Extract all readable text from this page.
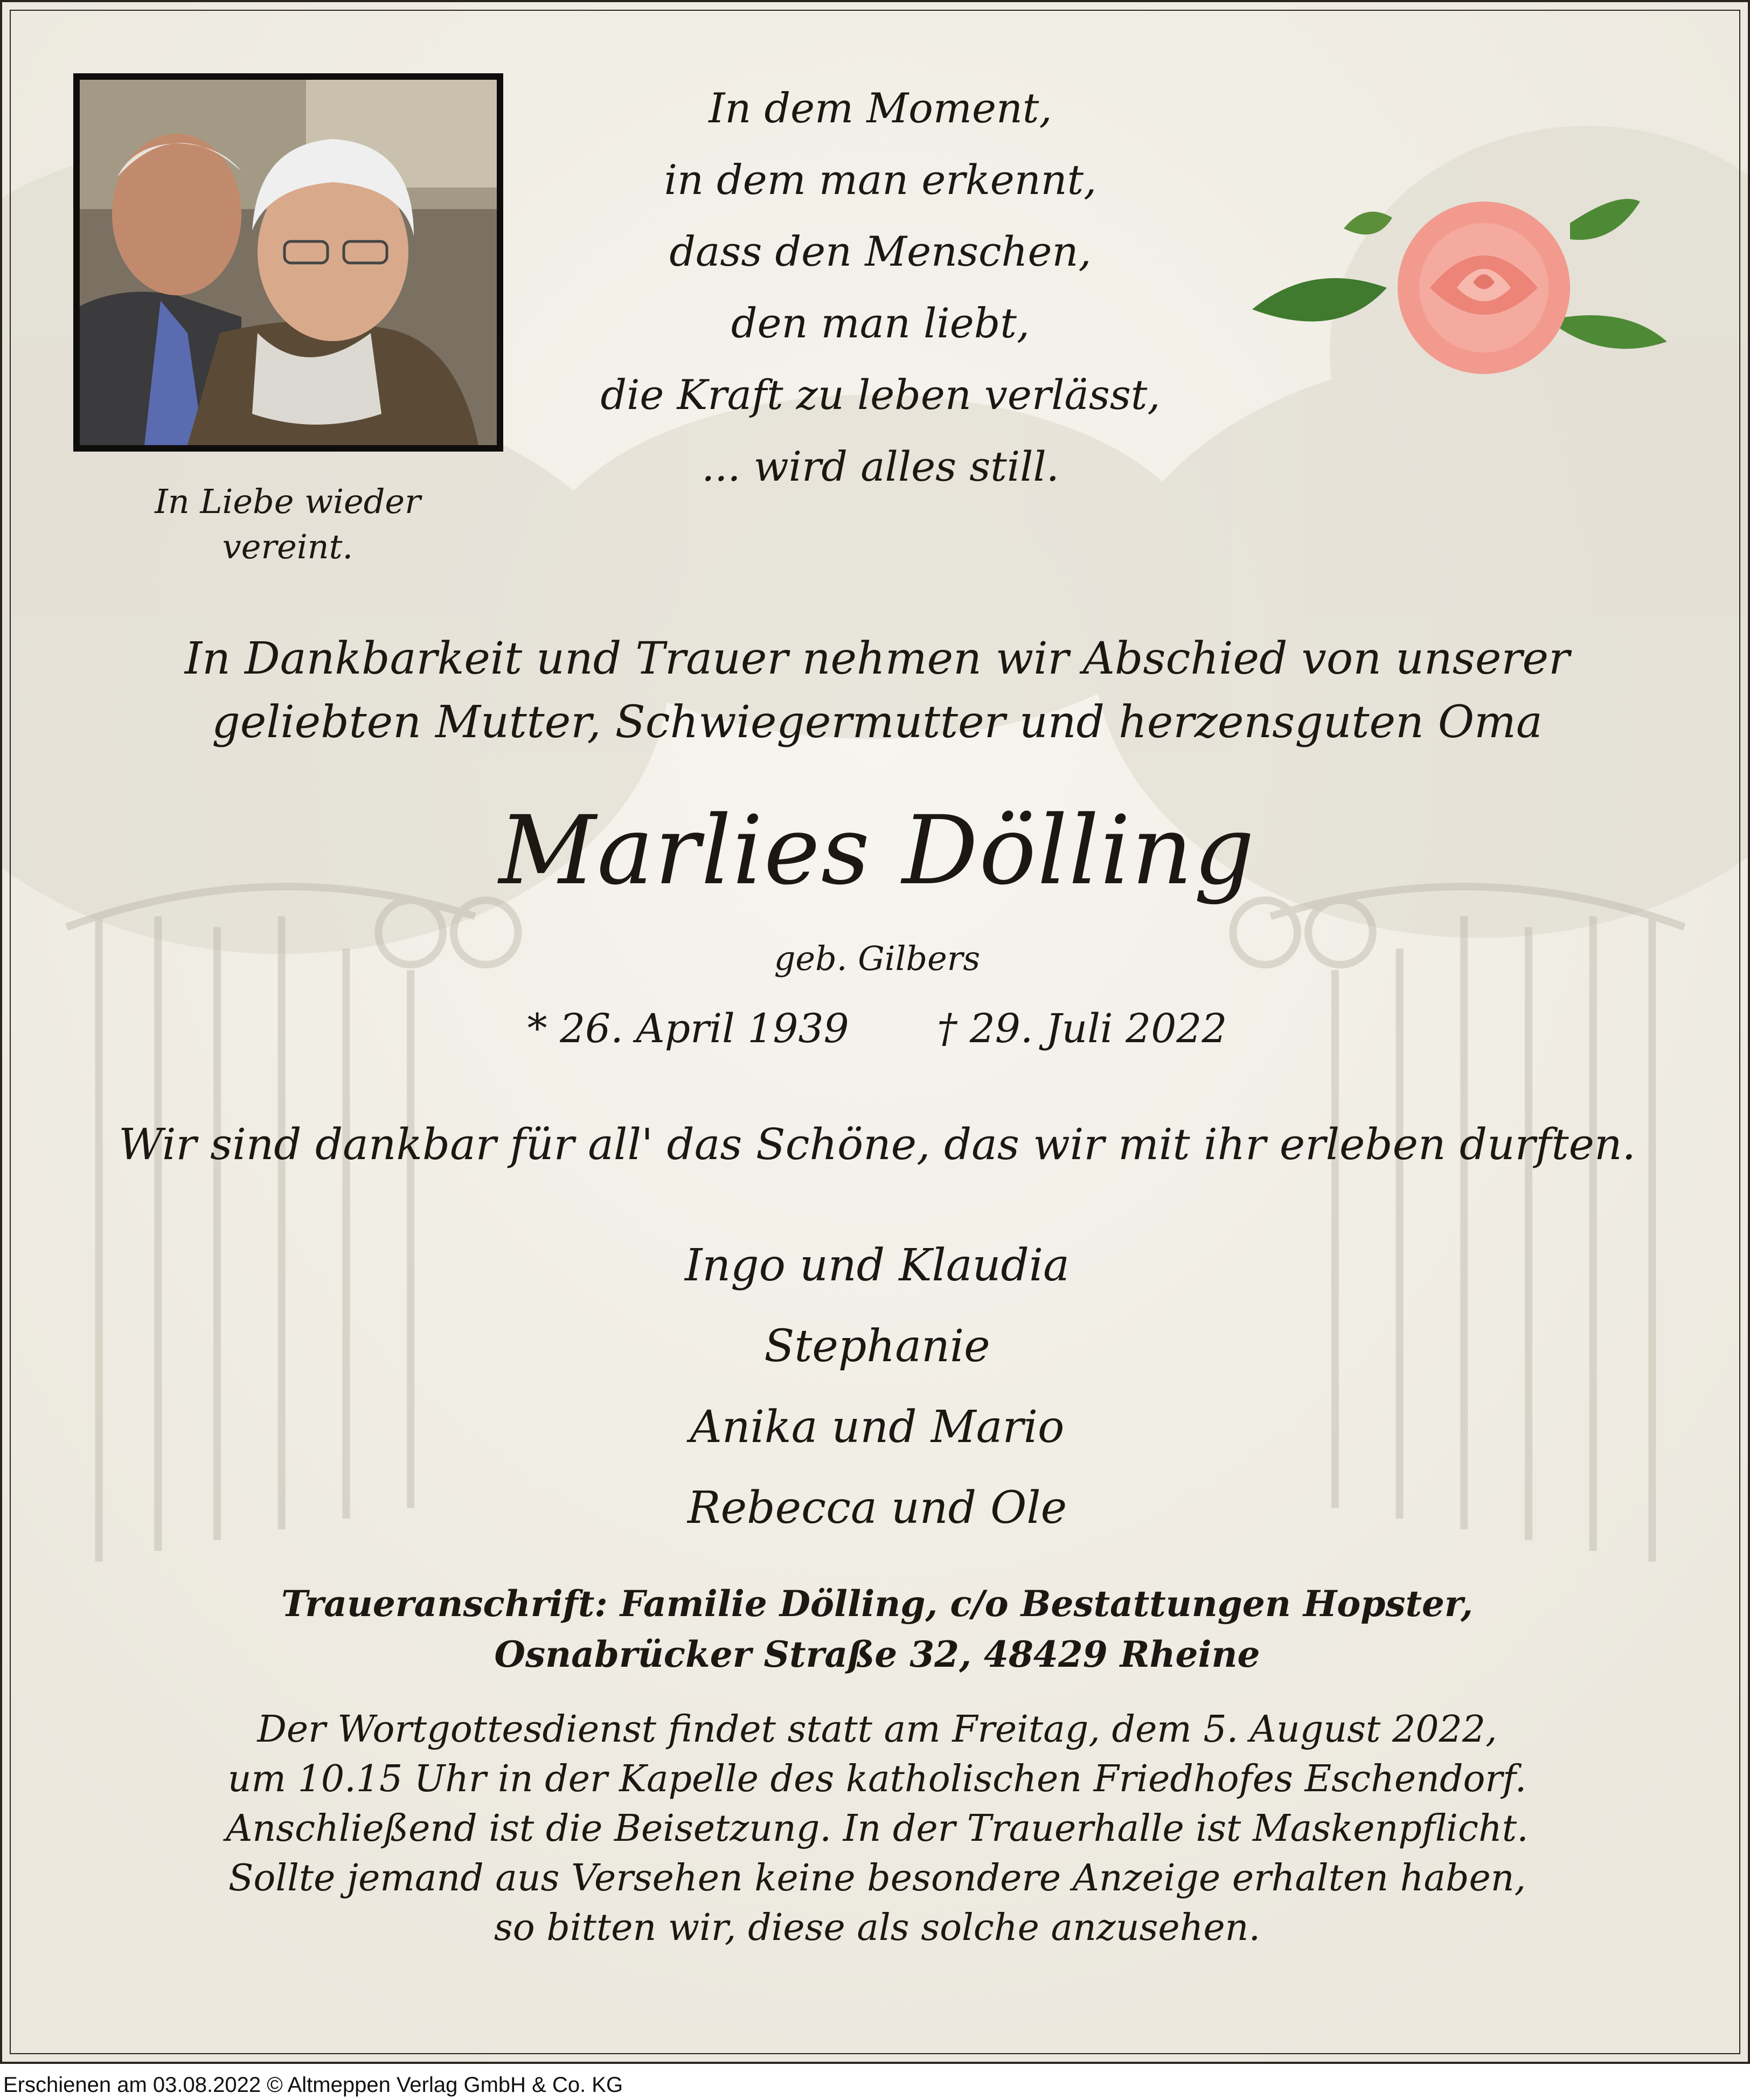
In Liebe wieder
vereint.
In dem Moment,
in dem man erkennt,
dass den Menschen,
den man liebt,
die Kraft zu leben verlässt,
... wird alles still.
In Dankbarkeit und Trauer nehmen wir Abschied von unserer
geliebten Mutter, Schwiegermutter und herzensguten Oma
Marlies Dölling
geb. Gilbers
* 26. April 1939 † 29. Juli 2022
Wir sind dankbar für all' das Schöne, das wir mit ihr erleben durften.
Ingo und Klaudia
Stephanie
Anika und Mario
Rebecca und Ole
Traueranschrift: Familie Dölling, c/o Bestattungen Hopster,
Osnabrücker Straße 32, 48429 Rheine
Der Wortgottesdienst findet statt am Freitag, dem 5. August 2022,
um 10.15 Uhr in der Kapelle des katholischen Friedhofes Eschendorf.
Anschließend ist die Beisetzung. In der Trauerhalle ist Maskenpflicht.
Sollte jemand aus Versehen keine besondere Anzeige erhalten haben,
so bitten wir, diese als solche anzusehen.
Erschienen am 03.08.2022 © Altmeppen Verlag GmbH & Co. KG
